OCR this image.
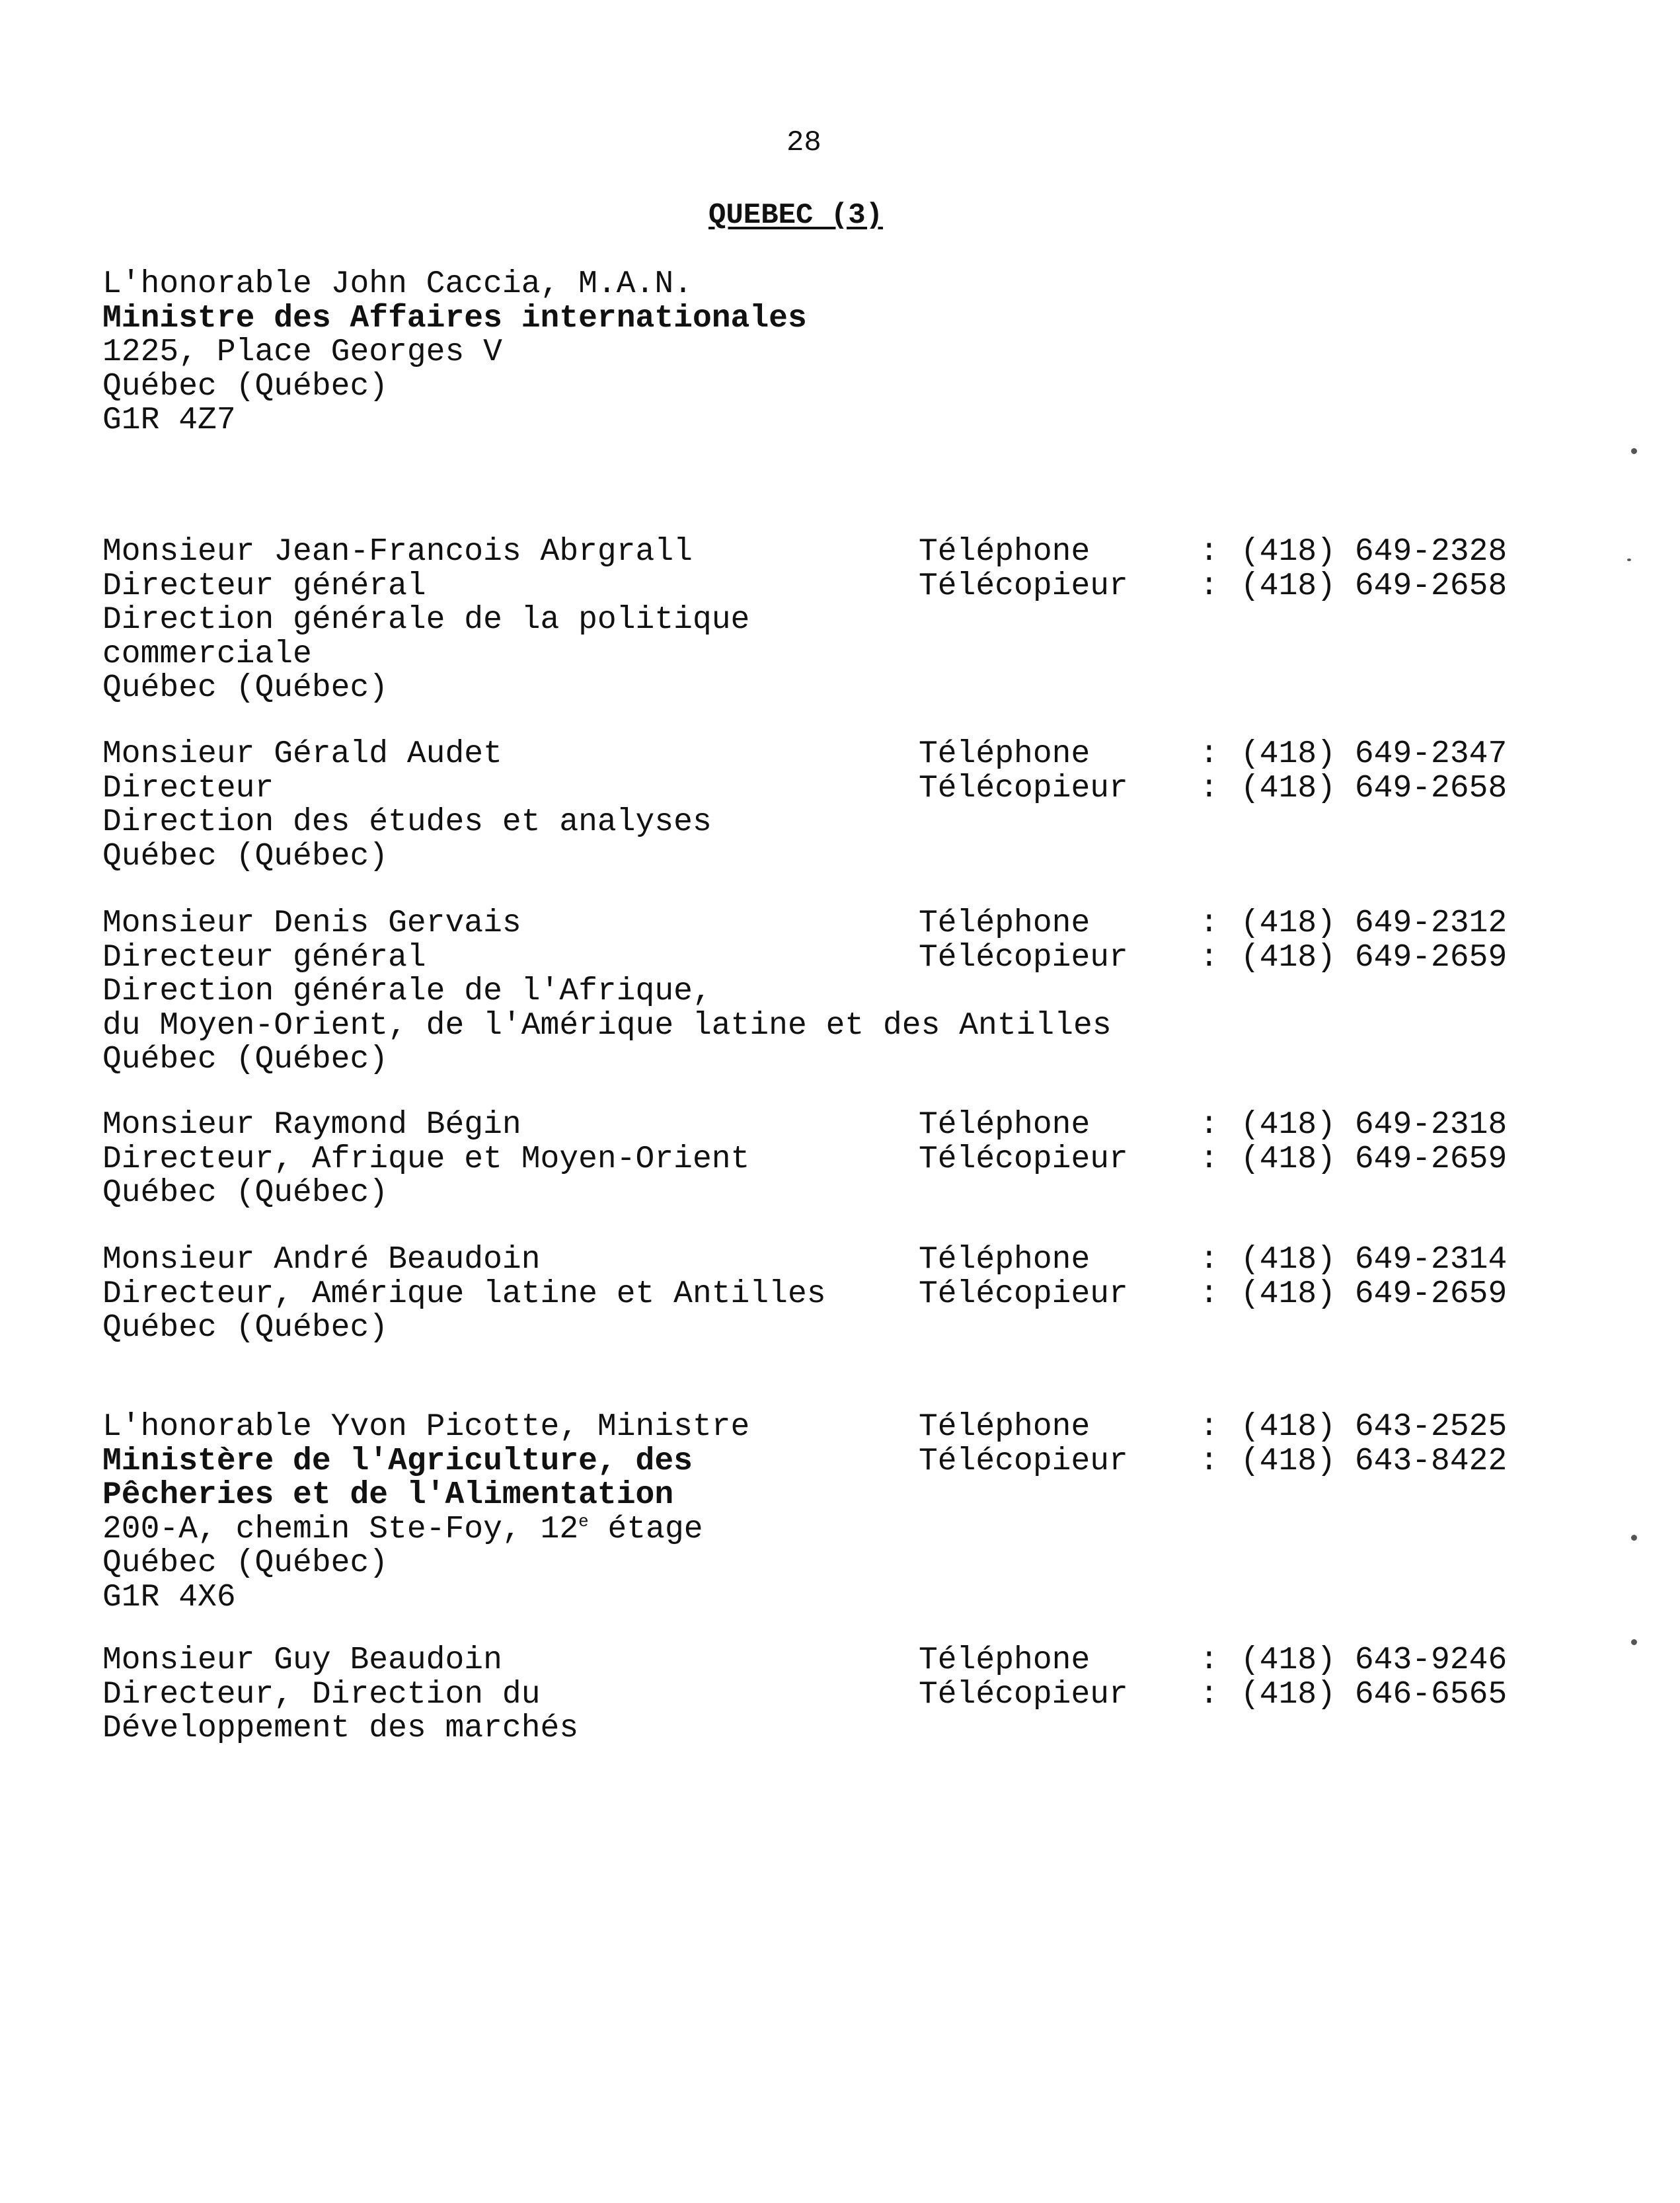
28
QUEBEC (3)
L'honorable John Caccia, M.A.N.
Ministre des Affaires internationales
1225, Place Georges V
Québec (Québec)
G1R 4Z7
Monsieur Jean-Francois Abrgrall
Directeur général
Direction générale de la politique
commerciale
Québec (Québec)
Téléphone	: (418) 649-2328
Télécopieur	: (418) 649-2658
Monsieur Gérald Audet
Directeur
Direction des études et analyses
Québec (Québec)
Téléphone	: (418) 649-2347
Télécopieur	: (418) 649-2658
Monsieur Denis Gervais
Directeur général
Direction générale de l'Afrique,
du Moyen-Orient, de l'Amérique latine et des Antilles
Québec (Québec)
Téléphone	: (418) 649-2312
Télécopieur	: (418) 649-2659
Monsieur Raymond Bégin
Directeur, Afrique et Moyen-Orient
Québec (Québec)
Téléphone	: (418) 649-2318
Télécopieur	: (418) 649-2659
Monsieur André Beaudoin
Directeur, Amérique latine et Antilles
Québec (Québec)
Téléphone	: (418) 649-2314
Télécopieur	: (418) 649-2659
L'honorable Yvon Picotte, Ministre
Ministère de l'Agriculture, des
Pêcheries et de l'Alimentation
200-A, chemin Ste-Foy, 12e étage
Québec (Québec)
G1R 4X6
Téléphone	: (418) 643-2525
Télécopieur	: (418) 643-8422
Monsieur Guy Beaudoin
Directeur, Direction du
Développement des marchés
Téléphone	: (418) 643-9246
Télécopieur	: (418) 646-6565
